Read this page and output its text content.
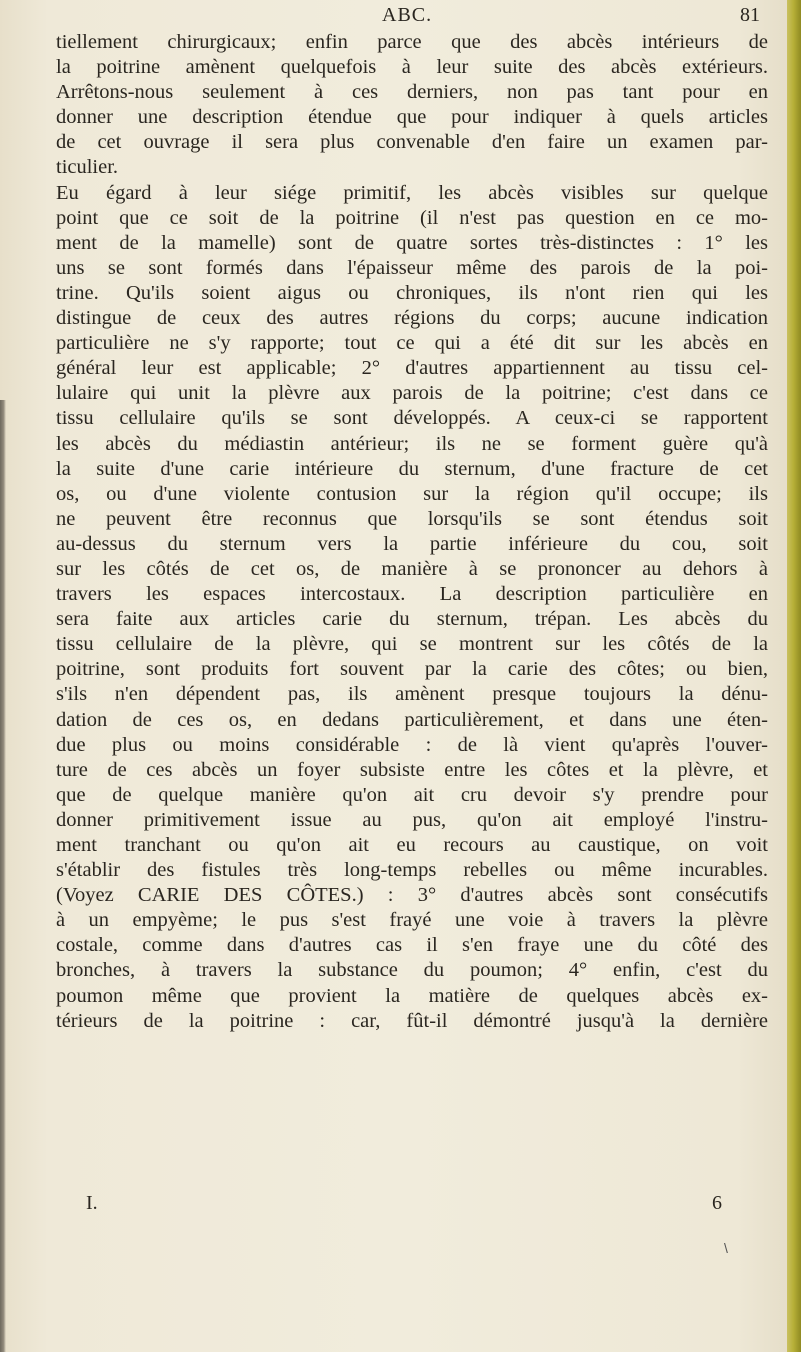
ABC.	81
tiellement chirurgicaux; enfin parce que des abcès intérieurs de
la poitrine amènent quelquefois à leur suite des abcès extérieurs.
Arrêtons-nous seulement à ces derniers, non pas tant pour en
donner une description étendue que pour indiquer à quels articles
de cet ouvrage il sera plus convenable d'en faire un examen par-
ticulier.
Eu égard à leur siége primitif, les abcès visibles sur quelque
point que ce soit de la poitrine (il n'est pas question en ce mo-
ment de la mamelle) sont de quatre sortes très-distinctes : 1° les
uns se sont formés dans l'épaisseur même des parois de la poi-
trine. Qu'ils soient aigus ou chroniques, ils n'ont rien qui les
distingue de ceux des autres régions du corps; aucune indication
particulière ne s'y rapporte; tout ce qui a été dit sur les abcès en
général leur est applicable; 2° d'autres appartiennent au tissu cel-
lulaire qui unit la plèvre aux parois de la poitrine; c'est dans ce
tissu cellulaire qu'ils se sont développés. A ceux-ci se rapportent
les abcès du médiastin antérieur; ils ne se forment guère qu'à
la suite d'une carie intérieure du sternum, d'une fracture de cet
os, ou d'une violente contusion sur la région qu'il occupe; ils
ne peuvent être reconnus que lorsqu'ils se sont étendus soit
au-dessus du sternum vers la partie inférieure du cou, soit
sur les côtés de cet os, de manière à se prononcer au dehors à
travers les espaces intercostaux. La description particulière en
sera faite aux articles carie du sternum, trépan. Les abcès du
tissu cellulaire de la plèvre, qui se montrent sur les côtés de la
poitrine, sont produits fort souvent par la carie des côtes; ou bien,
s'ils n'en dépendent pas, ils amènent presque toujours la dénu-
dation de ces os, en dedans particulièrement, et dans une éten-
due plus ou moins considérable : de là vient qu'après l'ouver-
ture de ces abcès un foyer subsiste entre les côtes et la plèvre, et
que de quelque manière qu'on ait cru devoir s'y prendre pour
donner primitivement issue au pus, qu'on ait employé l'instru-
ment tranchant ou qu'on ait eu recours au caustique, on voit
s'établir des fistules très long-temps rebelles ou même incurables.
(Voyez CARIE DES CÔTES.) : 3° d'autres abcès sont consécutifs
à un empyème; le pus s'est frayé une voie à travers la plèvre
costale, comme dans d'autres cas il s'en fraye une du côté des
bronches, à travers la substance du poumon; 4° enfin, c'est du
poumon même que provient la matière de quelques abcès ex-
térieurs de la poitrine : car, fût-il démontré jusqu'à la dernière
I.	6
\
